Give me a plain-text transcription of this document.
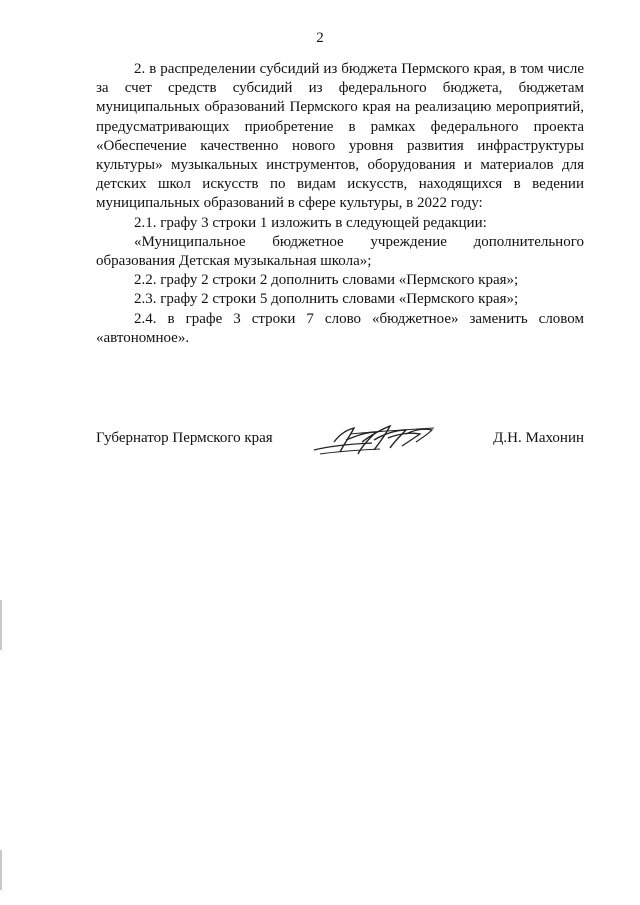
2

2. в распределении субсидий из бюджета Пермского края, в том числе за счет средств субсидий из федерального бюджета, бюджетам муниципальных образований Пермского края на реализацию мероприятий, предусматривающих приобретение в рамках федерального проекта «Обеспечение качественно нового уровня развития инфраструктуры культуры» музыкальных инструментов, оборудования и материалов для детских школ искусств по видам искусств, находящихся в ведении муниципальных образований в сфере культуры, в 2022 году:

2.1. графу 3 строки 1 изложить в следующей редакции:

«Муниципальное бюджетное учреждение дополнительного образования Детская музыкальная школа»;

2.2. графу 2 строки 2 дополнить словами «Пермского края»;

2.3. графу 2 строки 5 дополнить словами «Пермского края»;

2.4. в графе 3 строки 7 слово «бюджетное» заменить словом «автономное».

Губернатор Пермского края	Д.Н. Махонин
